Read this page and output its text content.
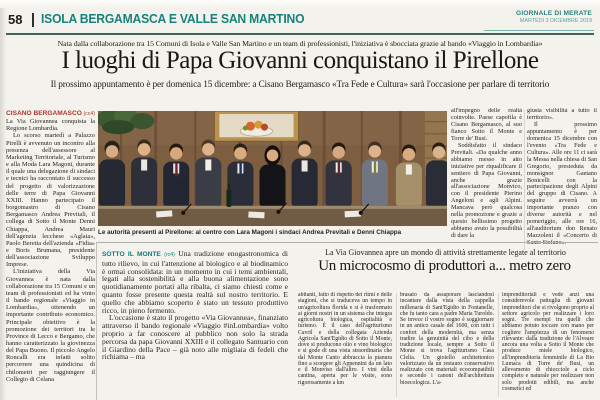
58 ISOLA BERGAMASCA E VALLE SAN MARTINO	GIORNALE DI MERATE
MARTEDÌ 3 DICEMBRE 2019
Nata dalla collaborazione tra 15 Comuni di Isola e Valle San Martino e un team di professionisti, l'iniziativa è sbocciata grazie al bando «Viaggio in Lombardia»
I luoghi di Papa Giovanni conquistano il Pirellone
Il prossimo appuntamento è per domenica 15 dicembre: a Cisano Bergamasco «Tra Fede e Cultura» sarà l'occasione per parlare di territorio

CISANO BERGAMASCO (cc4)

La Via Giovannea conquista la Regione Lombardia.

Lo scorso martedì a Palazzo Pirelli è avvenuto un incontro alla presenza dell'assessore al Marketing Territoriale, al Turismo e alla Moda Lara Magoni, durante il quale una delegazione di sindaci e tecnici ha raccontato il successo del progetto di valorizzazione delle terre di Papa Giovanni XXIII. Hanno partecipato il borgomastro di Cisano Bergamasco Andrea Previtali, il collega di Sotto il Monte Denni Chiappa, Andrea Mauri dell'agenzia lecchese «Aglaia», Paolo Beretta dell'azienda «Fidia» e Boris Brumana, presidente dell'associazione Sviluppo Imprese.

L'iniziativa della Via Giovannea è nata dalla collaborazione tra 15 Comuni e un team di professionisti ed ha vinto il bando regionale «Viaggio in Lombardia», ottenendo un importante contributo economico. Principale obiettivo è la promozione dei territori tra le Province di Lecco e Bergamo, che hanno caratterizzato la giovinezza del Papa Buono. Il piccolo Angelo Roncalli era infatti solito percorrere una quindicina di chilometri per raggiungere il Collegio di Celana

Le autorità presenti al Pirellone: al centro con Lara Magoni i sindaci Andrea Previtali e Denni Chiappa

all'impegno delle realtà coinvolte. Paese capofila è Cisano Bergamasco, al suo fianco Sotto il Monte e Torre de' Busi.

Soddisfatto il sindaco Previtali. «Da qualche anno abbiamo messo in atto iniziative per riqualificare il sentiero di Papa Giovanni, anche grazie all'associazione Monvico, con il presidente Pierino Angeloni e agli Alpini. Mancava però qualcosa nella promozione e grazie a questo bellissimo progetto abbiamo avuto la possibilità di dare la

giusta visibilità a tutto il territorio».

Il prossimo appuntamento è per domenica 15 dicembre con l'evento «Tra Fede e Cultura». Alle ore 11 ci sarà la Messa nella chiesa di San Gregorio, presieduta da monsignor Gaetano Bonicelli con la partecipazione degli Alpini del gruppo di Cisano. A seguire avverrà un importante pranzo con diverse autorità e nel pomeriggio, alle ore 16, all'auditorium don Renato Mazzoleni il «Concerto di Santo Stefano».

SOTTO IL MONTE (rc4) Una tradizione enogastronomica di tutto rilievo, in cui l'attenzione al biologico e al biodinamico è ormai consolidata: in un momento in cui i temi ambientali, legati alla sostenibilità e alla buona alimentazione sono quotidianamente portati alla ribalta, ci siamo chiesti come e quanto fosse presente questa realtà sul nostro territorio. E quello che abbiamo scoperto è stato un tessuto produttivo ricco, in pieno fermento.

L'occasione è stato il progetto «Via Giovannea», finanziato attraverso il bando regionale «Viaggio #inLombardia» volto proprio a far conoscere al pubblico non solo la strada percorsa da papa Giovanni XXIII e il collegato Santuario con il Giardino della Pace – già noto alle migliaia di fedeli che richiama – ma

La Via Giovannea apre un mondo di attività strettamente legate al territorio
Un microcosmo di produttori a... metro zero

abitanti, fatto di rispetto dei ritmi e delle stagioni, che si traduceva un tempo in un'agricoltura florida e si è trasformato ai giorni nostri in un sistema che integra agricoltura biologica, ospitalità e turismo. È il caso dell'agriturismo Cavril e della collegata Azienda Agricola Sant'Egidio di Sotto il Monte, dove si producono olio e vino biologico e si gode di una vista straordinaria che dal Monte Canto abbraccia la pianura fino a scorgere gli Appennini da un lato e il Monviso dall'altro. I vini della cantina, aperta per le visite, sono rigorosamente a km

brasato da assaporare lasciandosi incantare dalla vista della cappella millenaria di Sant'Egidio in Fontanelle, che fu tanto cara a padre Maria Turoldo. Se invece il vostro sogno è soggiornare in un antico casale del 1600, con tutti i confort della modernità, ma senza tradire la genuinità del cibo e della tradizione locale, sempre a Sotto il Monte si trova l'agriturismo Casa Clelia. Un gioiello architettonico valorizzato da un restauro conservativo realizzato con materiali ecocompatibili e secondo i canoni dell'architettura bioecologica. L'a-

imprenditoriali e vede anzi una considerevole pattuglia di giovani imprenditori che si rivolgono proprio al settore agricolo per realizzare i loro sogni. Tre esempi tra quelli che abbiamo potuto toccare con mano per cogliere l'ampiezza di un fenomeno rilevante: dalla tradizione de l'Alveare ancora una volta a Sotto il Monte che produce miele biologico, all'imprenditoria femminile di La Bio Lumaca di Torre de' Busi, un allevamento di chiocciole a ciclo completo e naturale per realizzare non solo prodotti edibili, ma anche cosmetici ed
